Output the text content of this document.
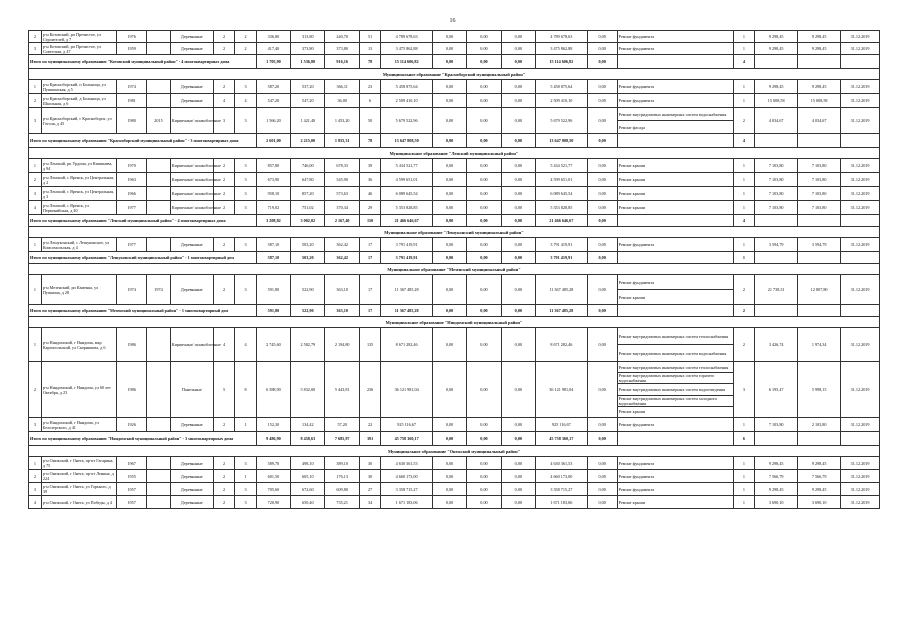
16
2	р-н Котовский, рп Пречистое, ул Строителей, д 7	1976		Деревянные	2	2	336,80	313,80	240,70	51	4 789 678,63	0,00	0,00	0,00	4 789 678,63	0,00	Ремонт фундамента	1	9 298,45	9 298,45	31.12.2019
3	р-н Котовский, рп Пречистое, ул Советская, д 47	1959		Деревянные	2	2	417,40	373,80	373,80	13	3 475 862,88	0,00	0,00	0,00	3 475 862,88	0,00	Ремонт фундамента	1	9 298,45	9 298,45	31.12.2019
Итого по муниципальному образованию "Котовский муниципальный район" - 4 многоквартирных дома							1 705,90	1 536,80	916,16	78	15 114 606,82	0,00	0,00	0,00	15 114 606,82	0,00		4			
Муниципальное образование "Красноборский муниципальный район"																					
1	р-н Красноборский, п Больница, ул Пушкинская, д 5	1974		Деревянные	2	3	587,20	537,20	366,11	23	5 458 875,64	0,00	0,00	0,00	5 458 875,64	0,00	Ремонт фундамента	1	9 298,45	9 298,45	31.12.2019
2	р-н Красноборский, д Больница, ул Школьная, д 6	1981		Деревянные	4	4	547,20	547,20	36,00	6	2 509 410,10	0,00	0,00	0,00	2 509 410,10	0,00	Ремонт фундамента	1	15 008,58	15 008,58	31.12.2019
3	р-н Красноборский, с Красноборск, ул Гоголя, д 45	1980	2015	Кирпичные/ шлакоблочные	3	3	1 566,20	1 421,40	1 453,20	50	5 679 522,96	0,00	0,00	0,00	5 679 522,96	0,00	Ремонт внутридомовых инженерных систем водоснабжения
Ремонт фасада	2	4 034,67	4 034,67	31.12.2019
Итого по муниципальному образованию "Красноборский муниципальный район" - 3 многоквартирных дома							2 601,00	2 215,00	1 855,31	78	13 647 808,50	0,00	0,00	0,00	13 647 808,50	0,00		4			
Муниципальное образование "Ленский муниципальный район"																					
1	р-н Ленский, рп Урдома, ул Кишинева, д 94	1970		Кирпичные/ шлакоблочные	2	3	857,80	746,00	678,33	39	5 434 521,77	0,00	0,00	0,00	5 434 521,77	0,00	Ремонт крыши	1	7 103,80	7 103,80	31.12.2019
2	р-н Ленский, с Яренск, ул Центральная, д 2	1963		Кирпичные/ шлакоблочные	2	3	673,90	647,80	545,90	36	4 599 651,01	0,00	0,00	0,00	4 599 651,01	0,00	Ремонт крыши	1	7 103,80	7 103,80	31.12.2019
3	р-н Ленский, с Яренск, ул Центральная, д 3	1966		Кирпичные/ шлакоблочные	2	3	958,10	857,20	573,63	46	6 089 645,54	0,00	0,00	0,00	6 089 645,54	0,00	Ремонт крыши	1	7 103,80	7 103,80	31.12.2019
4	р-н Ленский, с Яренск, ул Первомайская, д 40	1977		Кирпичные/ шлакоблочные	2	3	719,02	751,02	370,34	29	5 353 828,85	0,00	0,00	0,00	5 353 828,85	0,00	Ремонт крыши	1	7 103,80	7 103,80	31.12.2019
Итого по муниципальному образованию "Ленский муниципальный район" - 4 многоквартирных дома							3 208,82	3 002,02	2 167,40	150	21 466 646,67	0,00	0,00	0,00	21 466 646,67	0,00		4			
Муниципальное образование "Лешуконский муниципальный район"																					
1	р-н Лешуконский, с Лешуконское, ул Комсомольская, д 4	1977		Деревянные	2	3	587,10	503,20	362,42	17	3 791 419,91	0,00	0,00	0,00	3 791 419,91	0,00	Ремонт фундамента	1	3 594,79	3 594,79	31.12.2019
Итого по муниципальному образованию "Лешуконский муниципальный район" - 1 многоквартирный дом							587,10	503,20	362,42	17	3 791 419,91	0,00	0,00	0,00	3 791 419,91	0,00		1			
Муниципальное образование "Мезенский муниципальный район"																					
1	р-н Мезенский, рп Каменка, ул Пушкина, д 28	1974	1974	Деревянные	2	3	591,80	522,90	363,10	17	11 367 485,28	0,00	0,00	0,00	11 367 485,28	0,00	Ремонт фундамента
Ремонт крыши	2	21 738,31	12 807,80	31.12.2019
Итого по муниципальному образованию "Мезенский муниципальный район" - 1 многоквартирный дом							591,80	522,90	363,10	17	11 367 485,28	0,00	0,00	0,00	11 367 485,28	0,00		2			
Муниципальное образование "Няндомский муниципальный район"																					
1	р-н Няндомский, г Няндома, мкр Каргопольский, ул Скорникова, д 6	1986		Кирпичные/ шлакоблочные	4	4	2 745,60	2 582,79	2 194,80	135	8 671 282,46	0,00	0,00	0,00	8 671 282,46	0,00	Ремонт внутридомовых инженерных систем теплоснабжения
Ремонт внутридомовых инженерных систем водоснабжения	2	3 426,74	1 974,34	31.12.2019
2	р-н Няндомский, г Няндома, ул 60 лет Октября, д 23	1986		Панельные	5	8	6 588,90	5 832,00	5 443,81	236	36 121 981,04	0,00	0,00	0,00	36 121 981,04	0,00	Ремонт внутридомовых инженерных систем теплоснабжения
Ремонт внутридомовых инженерных систем горячего водоснабжения
Ремонт внутридомовых инженерных систем водоотведения
Ремонт внутридомовых инженерных систем холодного водоснабжения
Ремонт крыши	3	6 195,47	5 998,15	31.12.2019
3	р-н Няндомский, г Няндома, ул Белозерского, д 41	1926		Деревянные	2	1	152,30	134,42	57,20	22	925 116,67	0,00	0,00	0,00	925 116,67	0,00	Ремонт фундамента	1	7 103,80	2 103,80	31.12.2019
Итого по муниципальному образованию "Няндомский муниципальный район" - 3 многоквартирных дома							9 486,90	8 458,63	7 685,97	391	45 758 360,17	0,00	0,00	0,00	45 758 360,17	0,00		6			
Муниципальное образование "Онежский муниципальный район"																					
1	р-н Онежский, г Онега, пр-кт Гагарина, д 75	1967		Деревянные	2	3	589,70	498,10	389,10	30	4 630 361,53	0,00	0,00	0,00	4 630 361,53	0,00	Ремонт фундамента	1	9 298,45	9 298,45	31.12.2019
2	р-н Онежский, г Онега, пр-кт Ленина, д 224	1955		Деревянные	2	1	601,50	605,10	176,13	30	4 660 173,00	0,00	0,00	0,00	4 660 173,00	0,00	Ремонт фундамента	1	7 566,79	7 566,79	31.12.2019
3	р-н Онежский, г Онега, ул Горького, д 39	1957		Деревянные	2	3	705,60	672,60	609,80	27	3 358 715,27	0,00	0,00	0,00	3 358 715,27	0,00	Ремонт фундамента	1	9 298,45	9 298,45	31.12.2019
4	р-н Онежский, г Онега, ул Победы, д 4	1957		Деревянные	2	3	720,90	650,40	735,21	34	1 671 183,06	0,00	0,00	0,00	1 671 183,06	0,00	Ремонт крыши	1	3 690,10	3 690,10	31.12.2019
